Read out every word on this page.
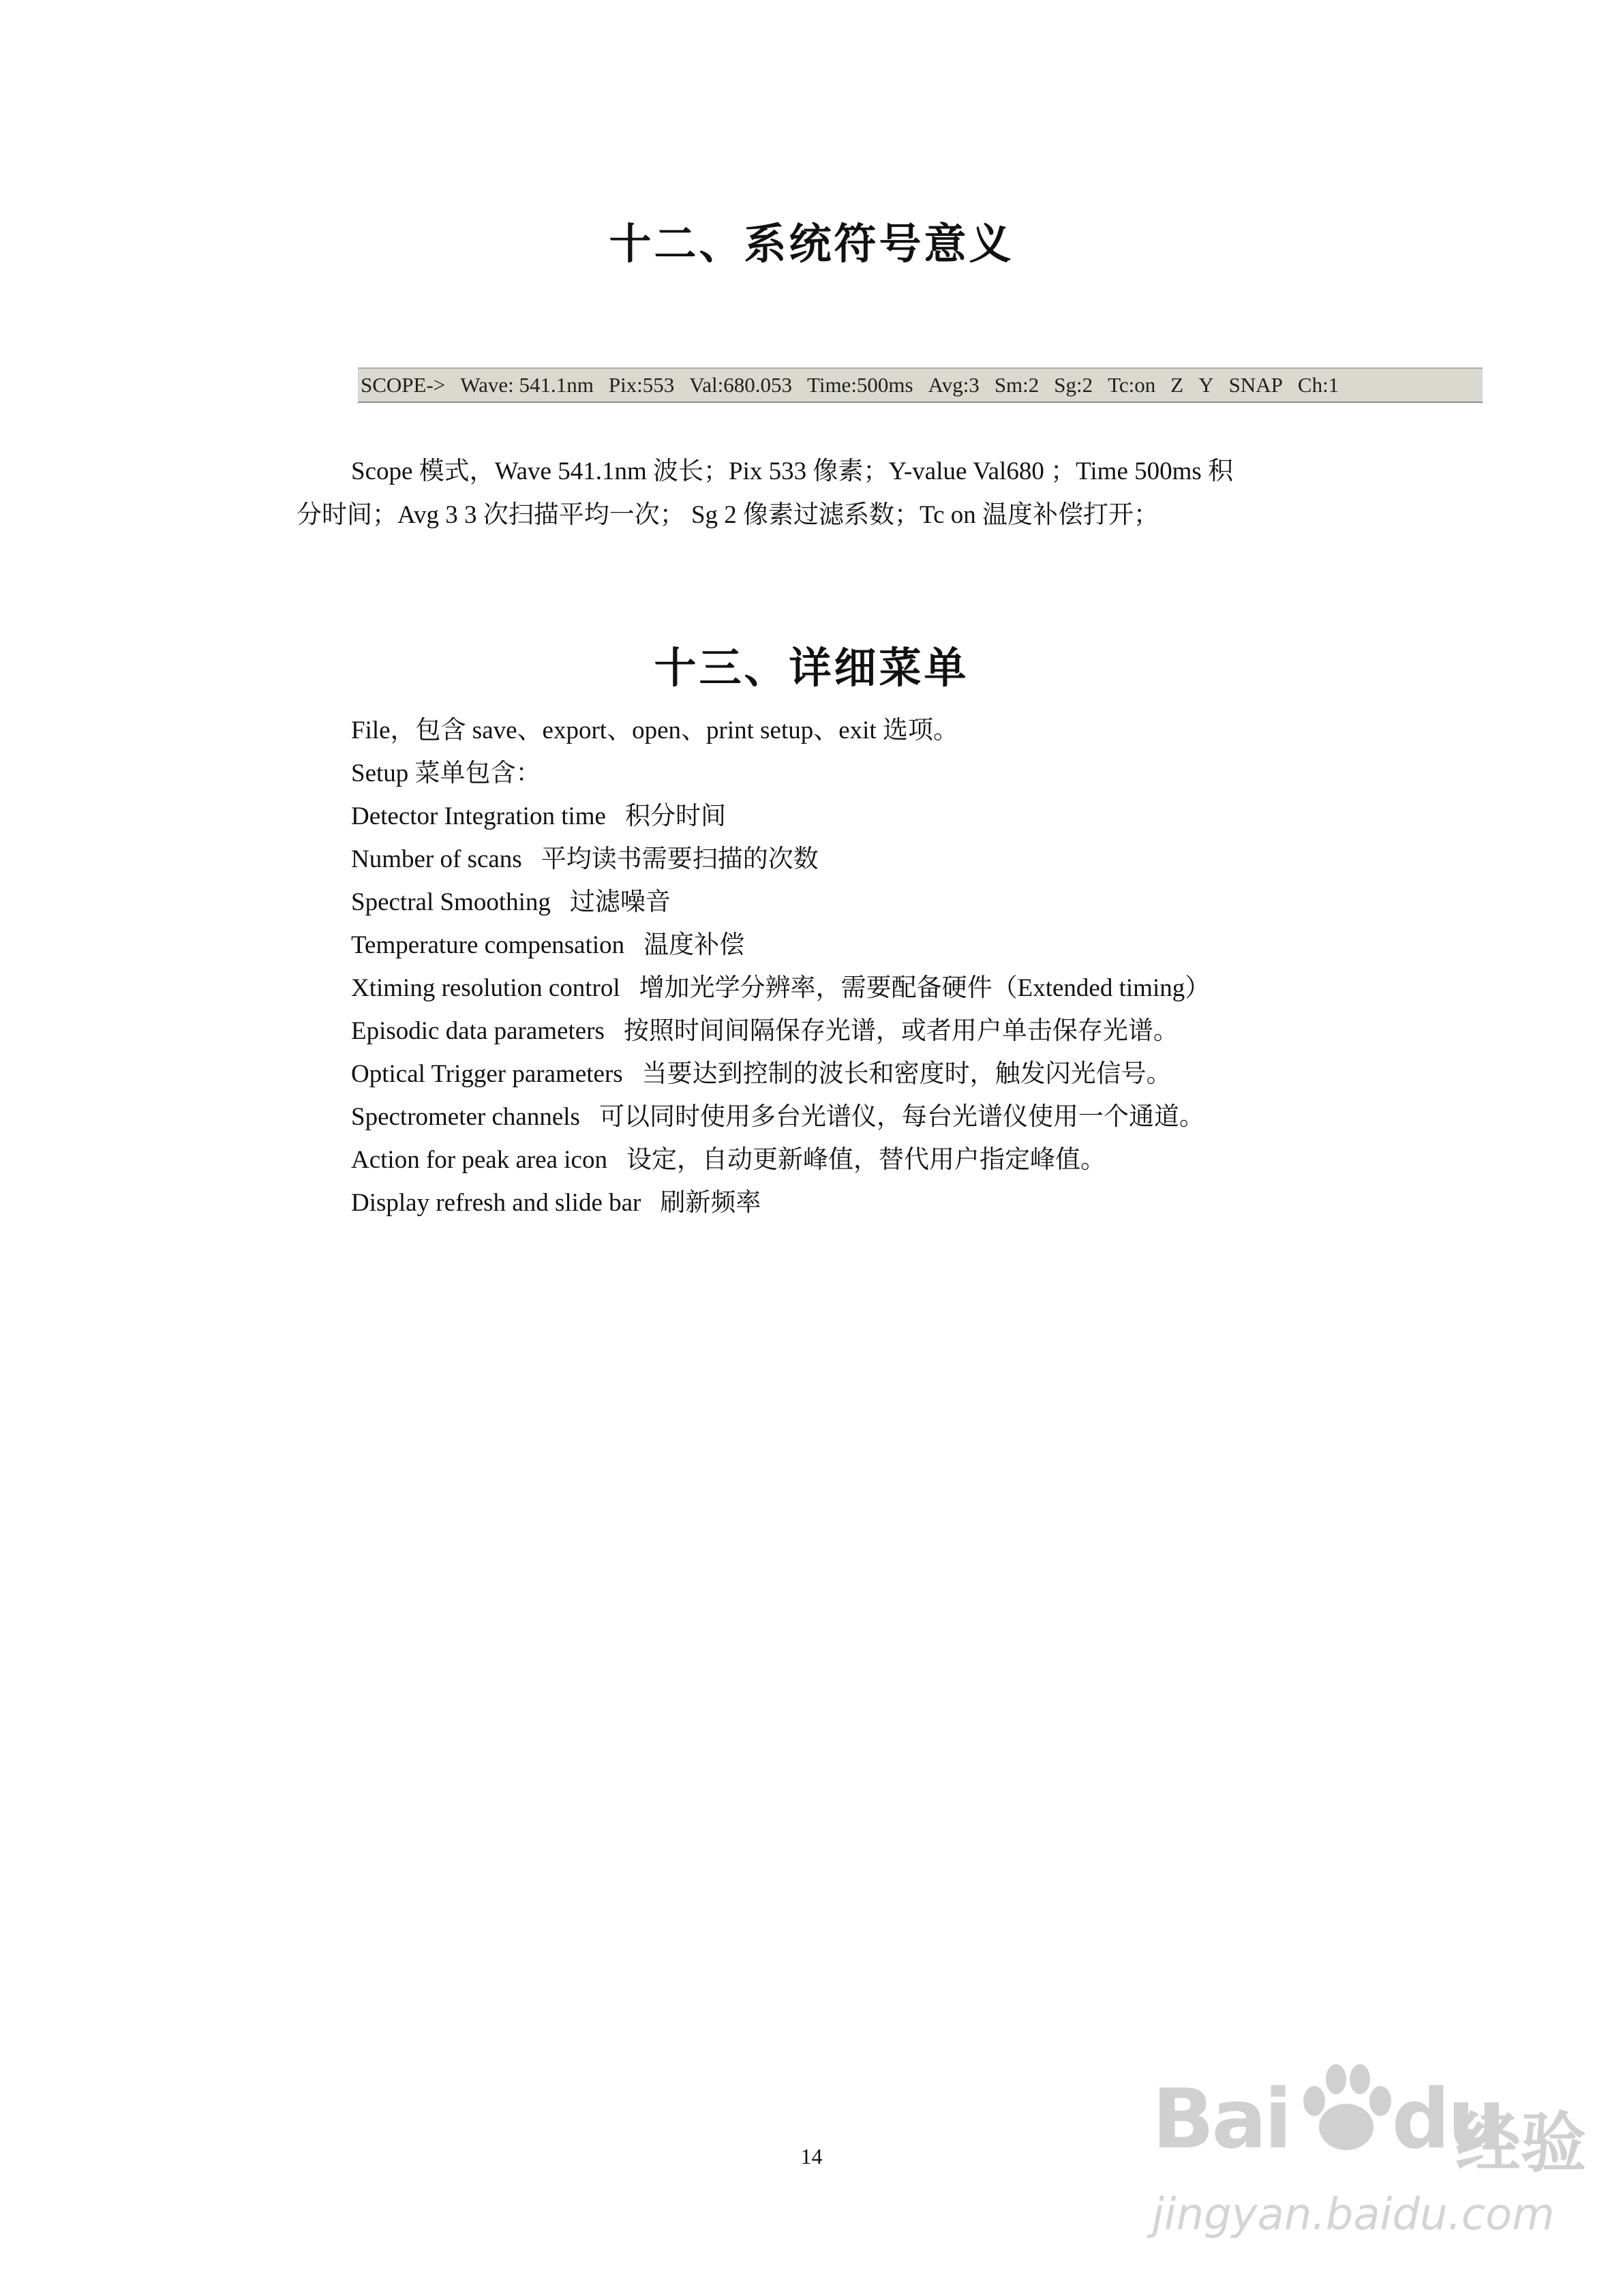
十二、系统符号意义
SCOPE-> Wave: 541.1nm Pix:553 Val:680.053 Time:500ms Avg:3 Sm:2 Sg:2 Tc:on Z Y SNAP Ch:1

Scope 模式，Wave 541.1nm 波长；Pix 533 像素；Y-value Val680 ；Time 500ms 积
分时间；Avg 3 3 次扫描平均一次； Sg 2 像素过滤系数；Tc on 温度补偿打开；

十三、详细菜单
File，包含 save、export、open、print setup、exit 选项。
Setup 菜单包含：
Detector Integration time 积分时间
Number of scans 平均读书需要扫描的次数
Spectral Smoothing 过滤噪音
Temperature compensation 温度补偿
Xtiming resolution control 增加光学分辨率，需要配备硬件（Extended timing）
Episodic data parameters 按照时间间隔保存光谱，或者用户单击保存光谱。
Optical Trigger parameters 当要达到控制的波长和密度时，触发闪光信号。
Spectrometer channels 可以同时使用多台光谱仪，每台光谱仪使用一个通道。
Action for peak area icon 设定，自动更新峰值，替代用户指定峰值。
Display refresh and slide bar 刷新频率
14	Bai du
经验
jingyan.baidu.com
